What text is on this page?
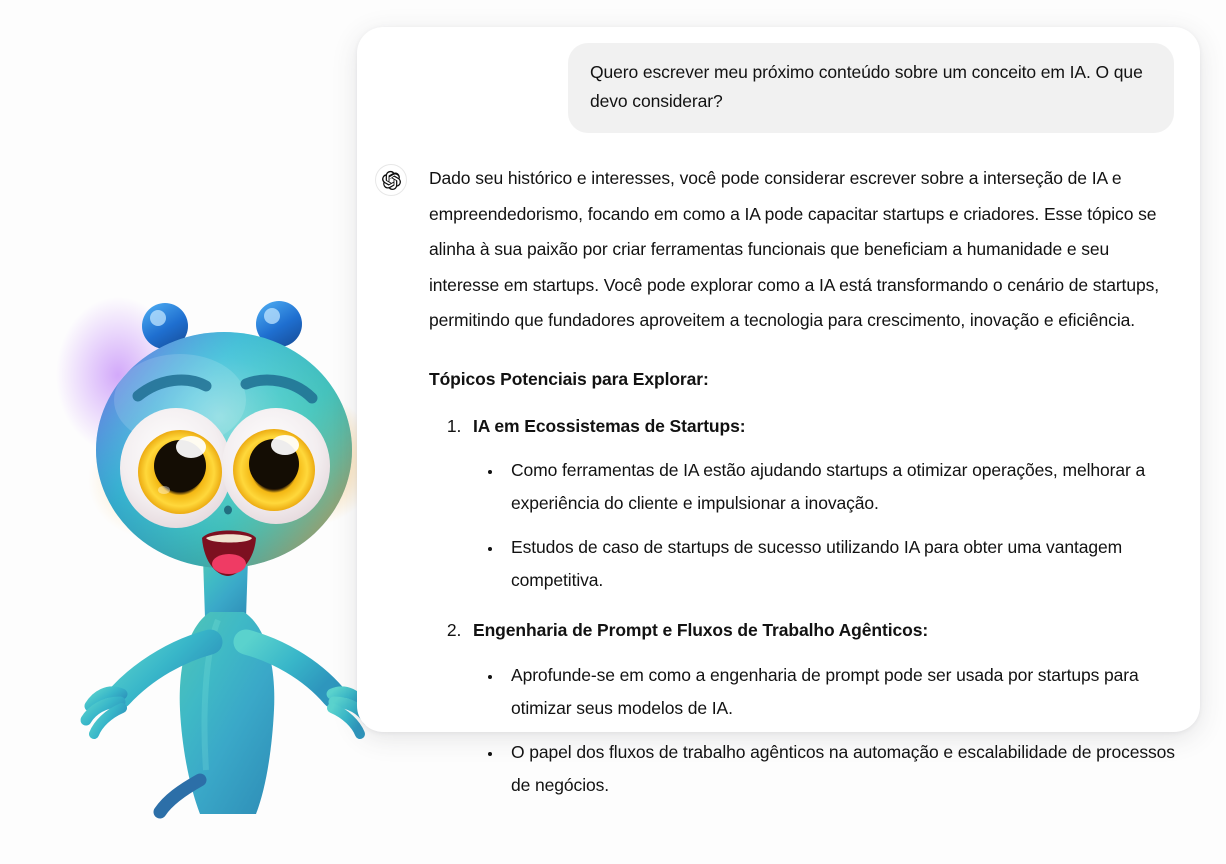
Quero escrever meu próximo conteúdo sobre um conceito em IA. O que devo considerar?

Dado seu histórico e interesses, você pode considerar escrever sobre a interseção de IA e empreendedorismo, focando em como a IA pode capacitar startups e criadores. Esse tópico se alinha à sua paixão por criar ferramentas funcionais que beneficiam a humanidade e seu interesse em startups. Você pode explorar como a IA está transformando o cenário de startups, permitindo que fundadores aproveitem a tecnologia para crescimento, inovação e eficiência.

Tópicos Potenciais para Explorar:
1. IA em Ecossistemas de Startups:
• Como ferramentas de IA estão ajudando startups a otimizar operações, melhorar a experiência do cliente e impulsionar a inovação.
• Estudos de caso de startups de sucesso utilizando IA para obter uma vantagem competitiva.
2. Engenharia de Prompt e Fluxos de Trabalho Agênticos:
• Aprofunde-se em como a engenharia de prompt pode ser usada por startups para otimizar seus modelos de IA.
• O papel dos fluxos de trabalho agênticos na automação e escalabilidade de processos de negócios.
